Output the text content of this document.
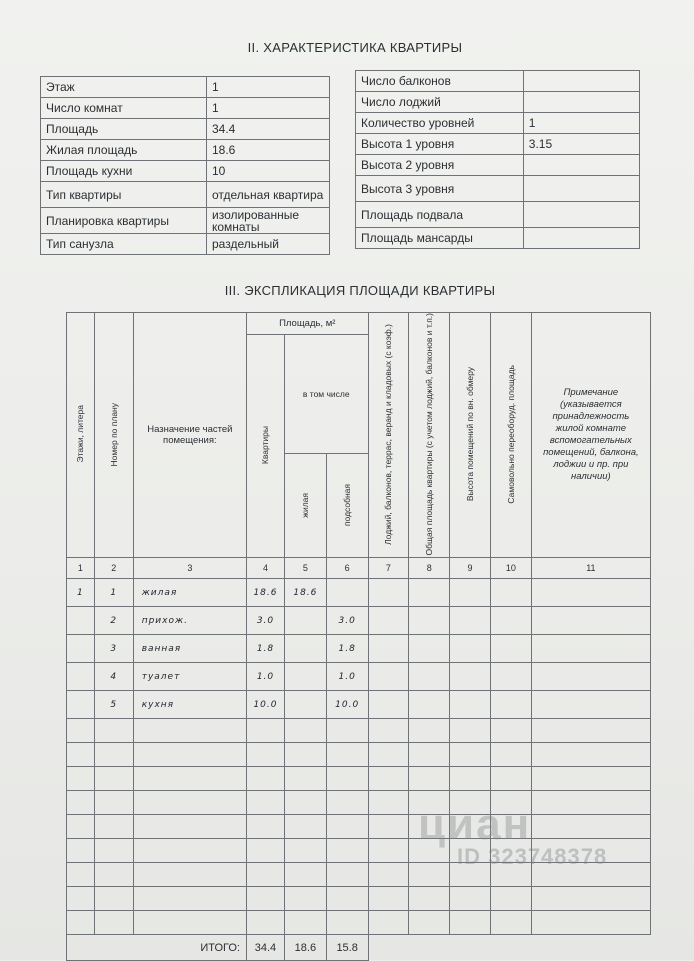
II. ХАРАКТЕРИСТИКА КВАРТИРЫ
Этаж	1
Число комнат	1
Площадь	34.4
Жилая площадь	18.6
Площадь кухни	10
Тип квартиры	отдельная квартира
Планировка квартиры	изолированные комнаты
Тип санузла	раздельный
Число балконов	
Число лоджий	
Количество уровней	1
Высота 1 уровня	3.15
Высота 2 уровня	
Высота 3 уровня	
Площадь подвала	
Площадь мансарды	
III. ЭКСПЛИКАЦИЯ ПЛОЩАДИ КВАРТИРЫ
Этажи, литера	Номер по плану	Назначение частей помещения:	Площадь, м²			Лоджий, балконов, террас, веранд и кладовых (с коэф.)	Общая площадь квартиры (с учетом лоджий, балконов и т.п.)	Высота помещений по вн. обмеру	Самовольно переоборуд. площадь	Примечание (указывается принадлежность жилой комнате вспомогательных помещений, балкона, лоджии и пр. при наличии)
			Квартиры	в том числе						
				жилая	подсобная					
1	2	3	4	5	6	7	8	9	10	11
1	1	жилая	18.6	18.6						
	2	прихож.	3.0		3.0					
	3	ванная	1.8		1.8					
	4	туалет	1.0		1.0					
	5	кухня	10.0		10.0					

ИТОГО:			34.4	18.6	15.8					
циан
ID 323748378
